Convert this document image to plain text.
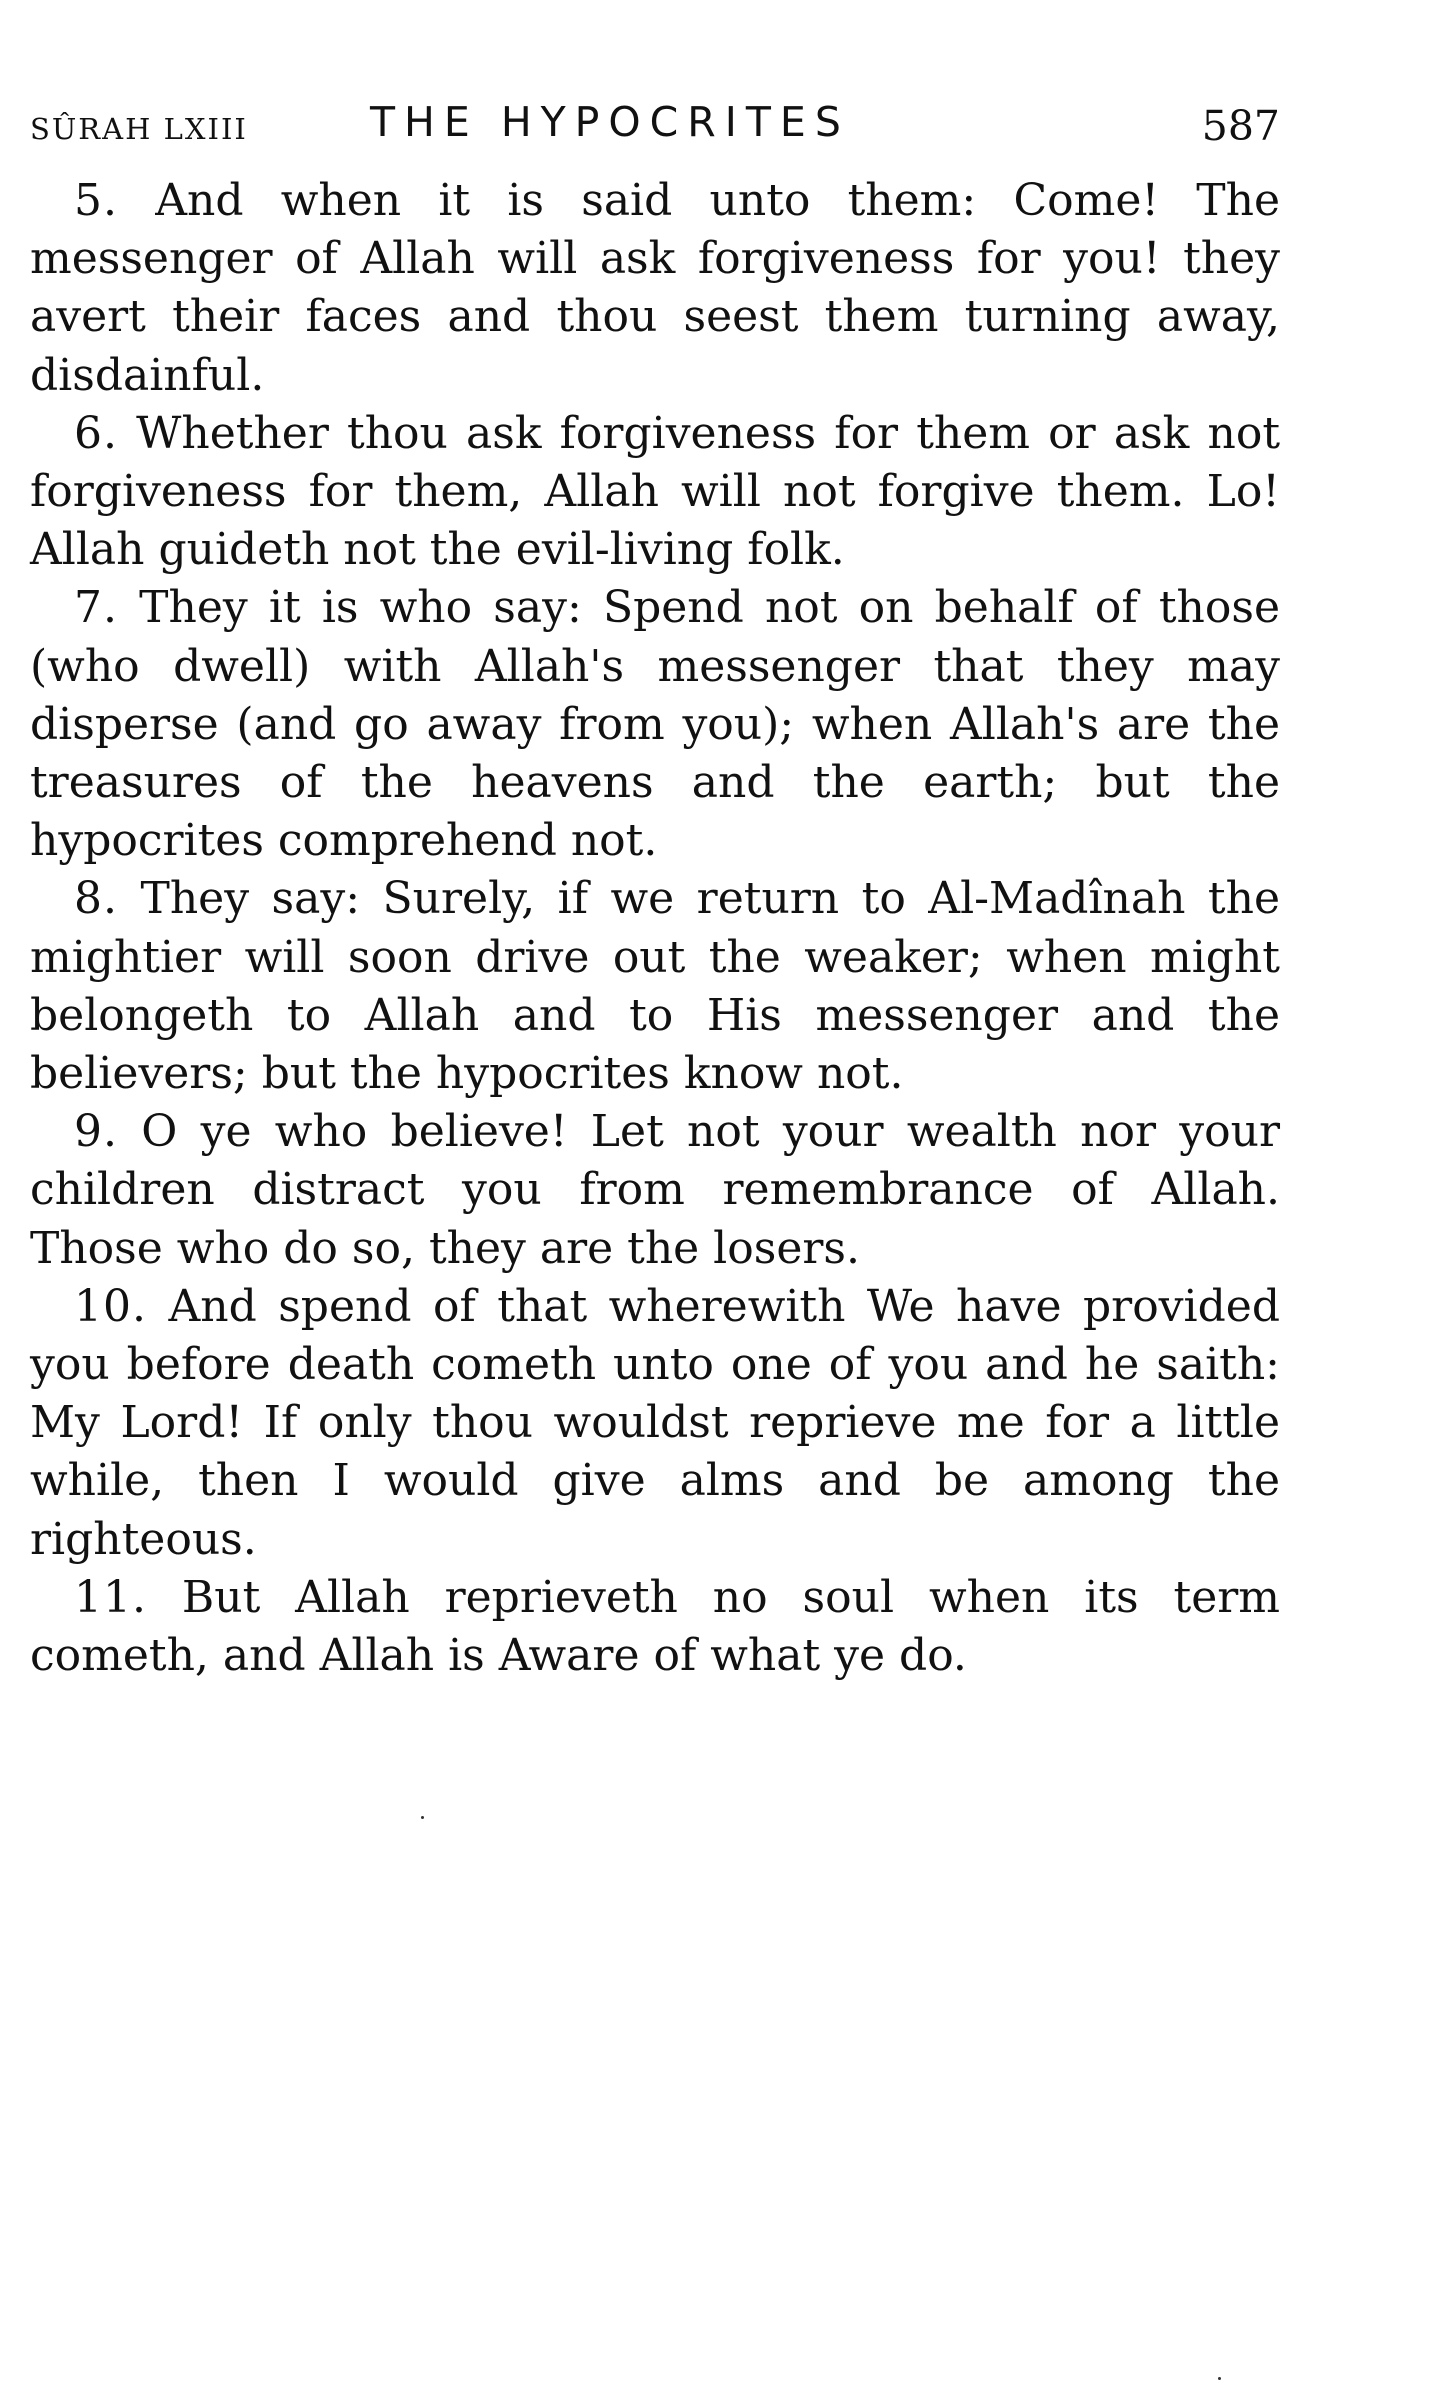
SÛRAH LXIII	THE HYPOCRITES	587

5. And when it is said unto them: Come! The messenger of Allah will ask forgiveness for you! they avert their faces and thou seest them turning away, disdainful.

6. Whether thou ask forgiveness for them or ask not forgiveness for them, Allah will not forgive them. Lo! Allah guideth not the evil-living folk.

7. They it is who say: Spend not on behalf of those (who dwell) with Allah's messenger that they may disperse (and go away from you); when Allah's are the treasures of the heavens and the earth; but the hypocrites comprehend not.

8. They say: Surely, if we return to Al-Madînah the mightier will soon drive out the weaker; when might belongeth to Allah and to His messenger and the believers; but the hypocrites know not.

9. O ye who believe! Let not your wealth nor your children distract you from remembrance of Allah. Those who do so, they are the losers.

10. And spend of that wherewith We have provided you before death cometh unto one of you and he saith: My Lord! If only thou wouldst reprieve me for a little while, then I would give alms and be among the righteous.

11. But Allah reprieveth no soul when its term cometh, and Allah is Aware of what ye do.
